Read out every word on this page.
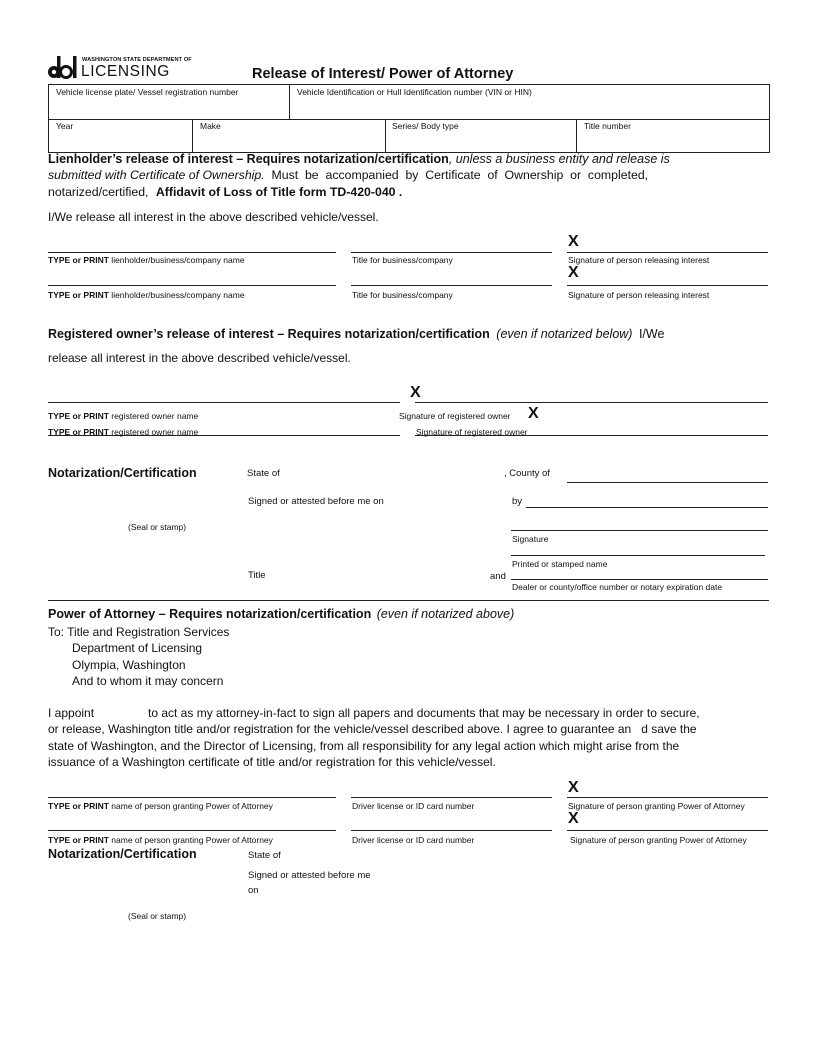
WASHINGTON STATE DEPARTMENT OF
LICENSING	Release of Interest/ Power of Attorney
Vehicle license plate/ Vessel registration number	Vehicle Identification or Hull Identification number (VIN or HIN)
Year	Make	Series/ Body type	Title number
Lienholder’s release of interest – Requires notarization/certification, unless a business entity and release is
submitted with Certificate of Ownership.  Must  be  accompanied  by  Certificate  of  Ownership  or  completed,
notarized/certified, Affidavit of Loss of Title form TD-420-040 .
I/We release all interest in the above described vehicle/vessel.
X
TYPE or PRINT lienholder/business/company name	Title for business/company	Signature of person releasing interest
X
TYPE or PRINT lienholder/business/company name	Title for business/company	Signature of person releasing interest
Registered owner’s release of interest – Requires notarization/certification (even if notarized below) I/We
release all interest in the above described vehicle/vessel.
X
TYPE or PRINT registered owner name	Signature of registered owner X
TYPE or PRINT registered owner name	Signature of registered owner
Notarization/Certification	State of	, County of
Signed or attested before me on	by
(Seal or stamp)
Signature
Printed or stamped name
Title	and
Dealer or county/office number or notary expiration date
Power of Attorney – Requires notarization/certification (even if notarized above)
To: Title and Registration Services
Department of Licensing
Olympia, Washington
And to whom it may concern
I appoint	to act as my attorney-in-fact to sign all papers and documents that may be necessary in order to secure,
or release, Washington title and/or registration for the vehicle/vessel described above. I agree to guarantee an   d save the
state of Washington, and the Director of Licensing, from all responsibility for any legal action which might arise from the
issuance of a Washington certificate of title and/or registration for this vehicle/vessel.
X
TYPE or PRINT name of person granting Power of Attorney	Driver license or ID card number	Signature of person granting Power of Attorney
X
TYPE or PRINT name of person granting Power of Attorney	Driver license or ID card number	Signature of person granting Power of Attorney
Notarization/Certification	State of
Signed or attested before me
on
(Seal or stamp)
